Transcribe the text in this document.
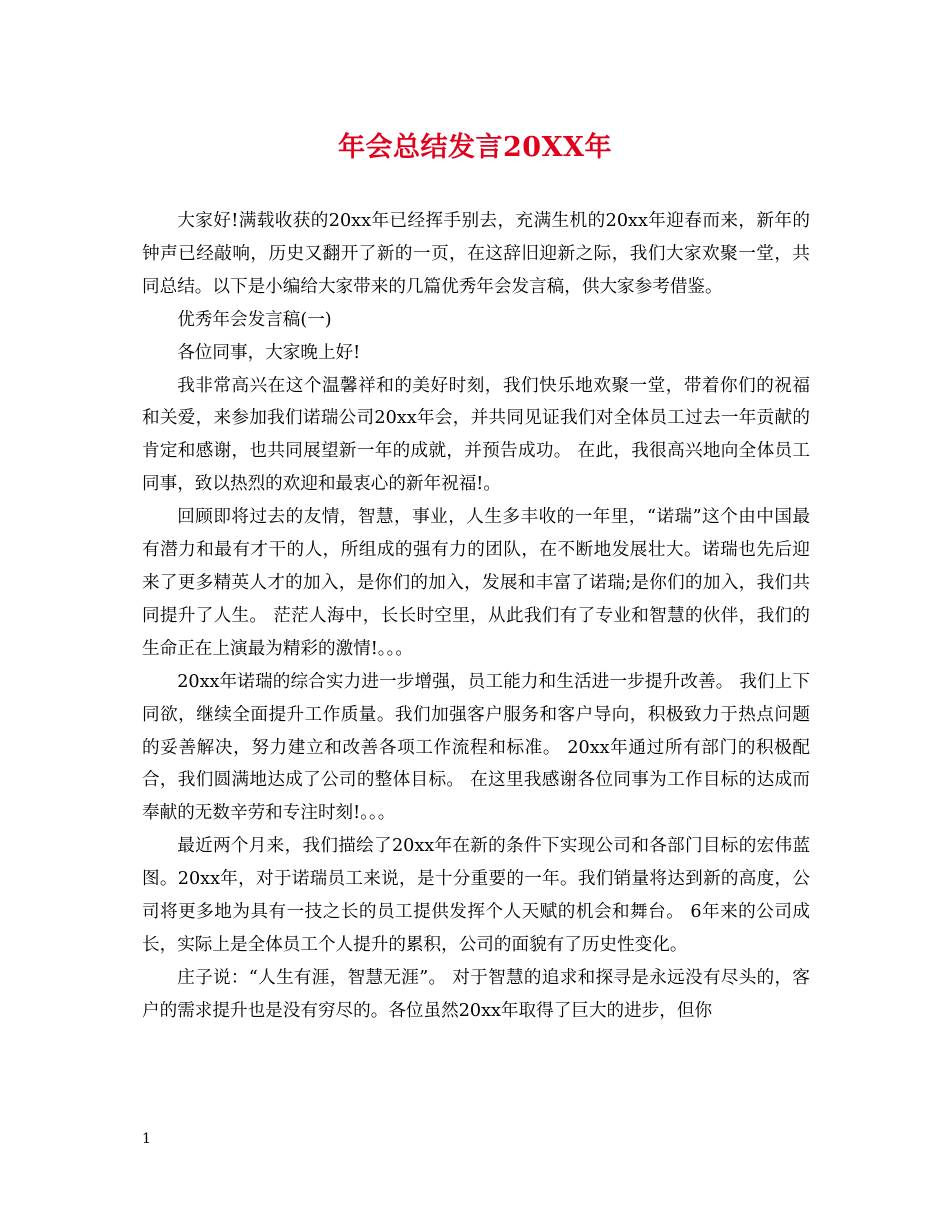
年会总结发言20XX年

大家好!满载收获的20xx年已经挥手别去，充满生机的20xx年迎春而来，新年的钟声已经敲响，历史又翻开了新的一页，在这辞旧迎新之际，我们大家欢聚一堂，共同总结。以下是小编给大家带来的几篇优秀年会发言稿，供大家参考借鉴。

优秀年会发言稿(一)

各位同事，大家晚上好!

我非常高兴在这个温馨祥和的美好时刻，我们快乐地欢聚一堂，带着你们的祝福和关爱，来参加我们诺瑞公司20xx年会，并共同见证我们对全体员工过去一年贡献的肯定和感谢，也共同展望新一年的成就，并预告成功。 在此，我很高兴地向全体员工同事，致以热烈的欢迎和最衷心的新年祝福!。

回顾即将过去的友情，智慧，事业，人生多丰收的一年里，“诺瑞”这个由中国最有潜力和最有才干的人，所组成的强有力的团队，在不断地发展壮大。诺瑞也先后迎来了更多精英人才的加入，是你们的加入，发展和丰富了诺瑞;是你们的加入，我们共同提升了人生。 茫茫人海中，长长时空里，从此我们有了专业和智慧的伙伴，我们的生命正在上演最为精彩的激情!。。。

20xx年诺瑞的综合实力进一步增强，员工能力和生活进一步提升改善。 我们上下同欲，继续全面提升工作质量。我们加强客户服务和客户导向，积极致力于热点问题的妥善解决，努力建立和改善各项工作流程和标准。 20xx年通过所有部门的积极配合，我们圆满地达成了公司的整体目标。 在这里我感谢各位同事为工作目标的达成而奉献的无数辛劳和专注时刻!。。。

最近两个月来，我们描绘了20xx年在新的条件下实现公司和各部门目标的宏伟蓝图。20xx年，对于诺瑞员工来说，是十分重要的一年。我们销量将达到新的高度，公司将更多地为具有一技之长的员工提供发挥个人天赋的机会和舞台。 6年来的公司成长，实际上是全体员工个人提升的累积，公司的面貌有了历史性变化。

庄子说：“人生有涯，智慧无涯”。 对于智慧的追求和探寻是永远没有尽头的，客户的需求提升也是没有穷尽的。各位虽然20xx年取得了巨大的进步，但你

1
